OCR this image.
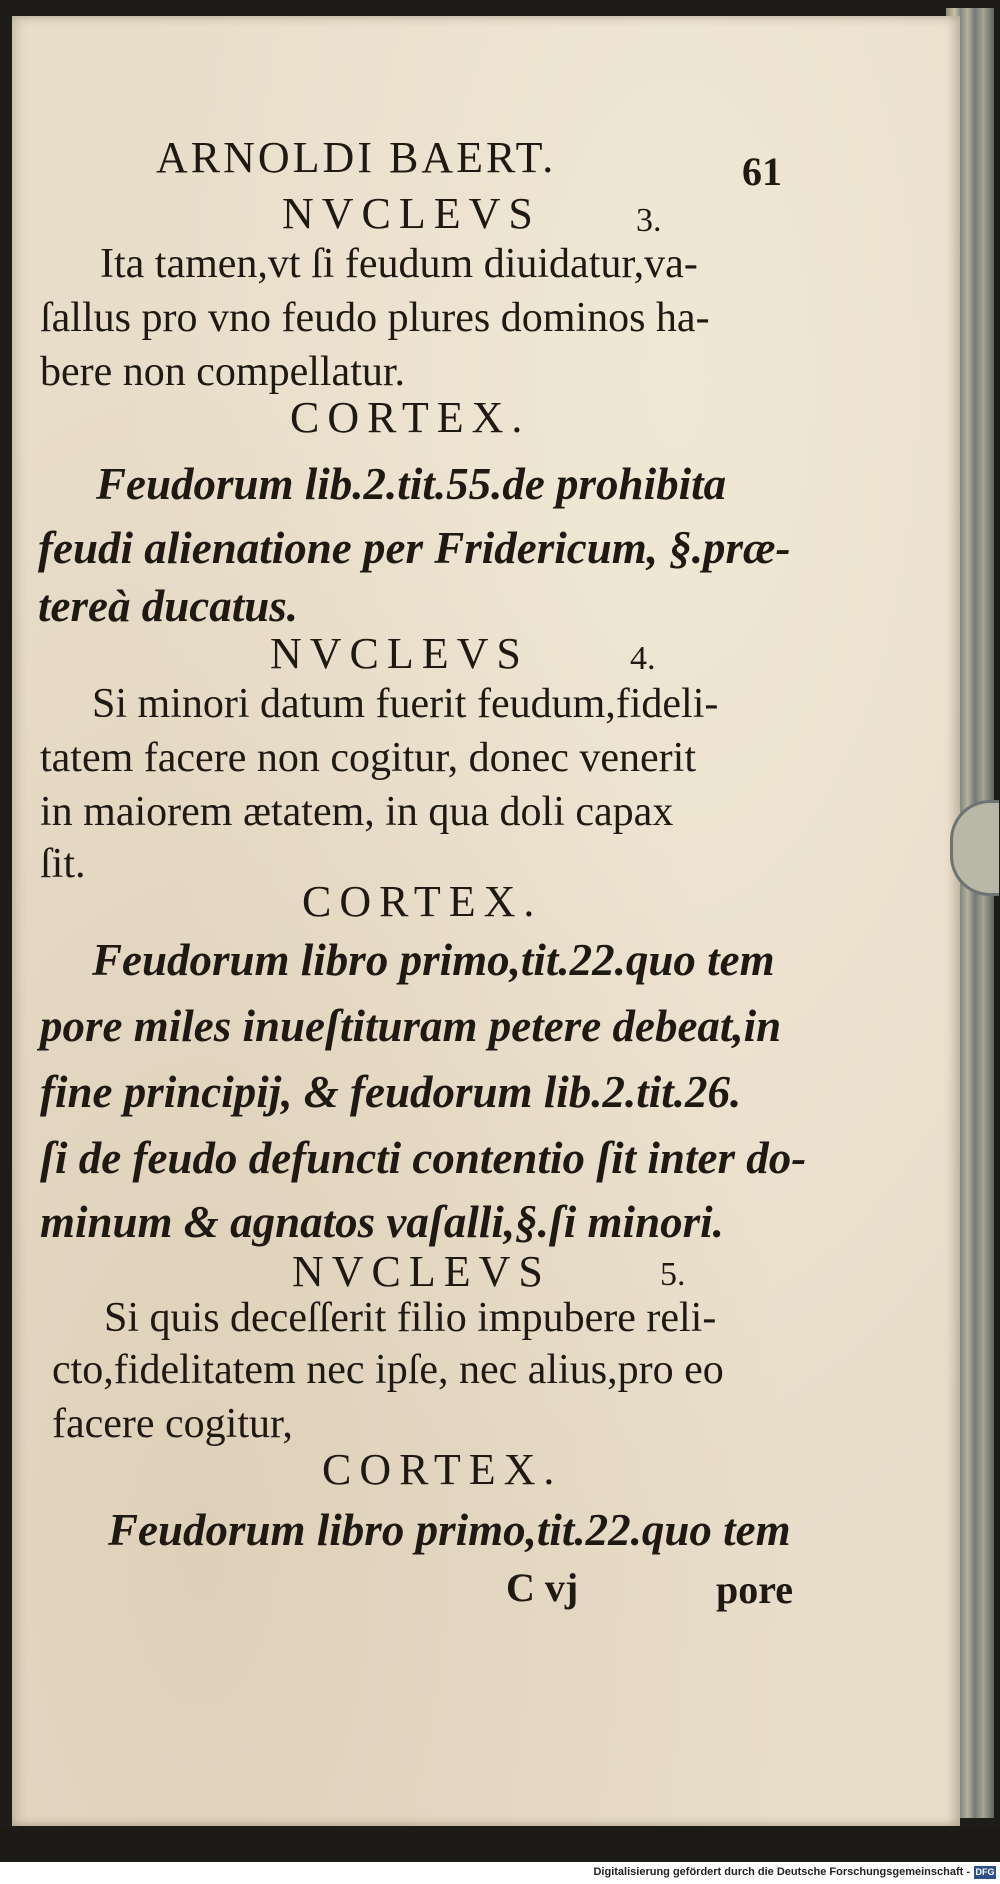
ARNOLDI BAERT.	61
NVCLEVS	3.
Ita tamen,vt ſi feudum diuidatur,va-
ſallus pro vno feudo plures dominos ha-
bere non compellatur.
CORTEX.
Feudorum lib.2.tit.55.de prohibita
feudi alienatione per Fridericum, §.præ-
tereà ducatus.
NVCLEVS	4.
Si minori datum fuerit feudum,fideli-
tatem facere non cogitur, donec venerit
in maiorem ætatem, in qua doli capax
ſit.
CORTEX.
Feudorum libro primo,tit.22.quo tem
pore miles inueſtituram petere debeat,in
fine principij, & feudorum lib.2.tit.26.
ſi de feudo defuncti contentio ſit inter do-
minum & agnatos vaſalli,§.ſi minori.
NVCLEVS	5.
Si quis deceſſerit filio impubere reli-
cto,fidelitatem nec ipſe, nec alius,pro eo
facere cogitur,
CORTEX.
Feudorum libro primo,tit.22.quo tem
C vj	pore
Digitalisierung gefördert durch die Deutsche Forschungsgemeinschaft - DFG
